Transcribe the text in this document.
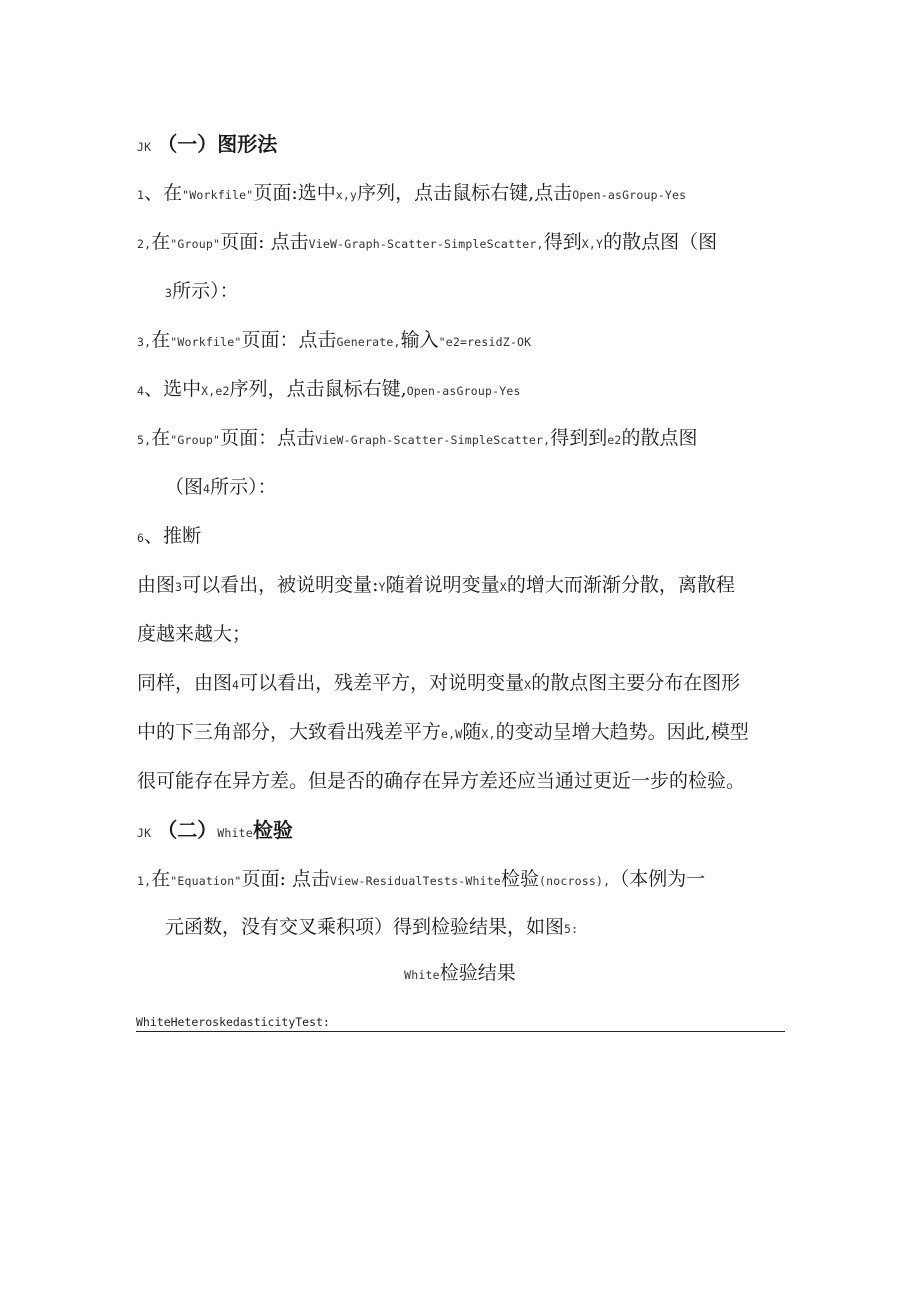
JK （一）图形法
1、在"Workfile"页面:选中x,y序列，点击鼠标右键,点击Open-asGroup-Yes
2,在"Group"页面: 点击VieW-Graph-Scatter-SimpleScatter,得到X,Y的散点图（图
3所示）：
3,在"Workfile"页面：点击Generate,输入"e2=residZ-OK
4、选中X,e2序列，点击鼠标右键,Open-asGroup-Yes
5,在"Group"页面：点击VieW-Graph-Scatter-SimpleScatter,得到到e2的散点图
（图4所示）：
6、推断
由图3可以看出，被说明变量:Y随着说明变量X的增大而渐渐分散，离散程
度越来越大；
同样，由图4可以看出，残差平方，对说明变量X的散点图主要分布在图形
中的下三角部分，大致看出残差平方e,W随X,的变动呈增大趋势。因此,模型
很可能存在异方差。但是否的确存在异方差还应当通过更近一步的检验。
JK （二）White检验
1,在"Equation"页面: 点击View-ResidualTests-White检验(nocross),（本例为一
元函数，没有交叉乘积项）得到检验结果，如图5:
White检验结果
WhiteHeteroskedasticityTest:
